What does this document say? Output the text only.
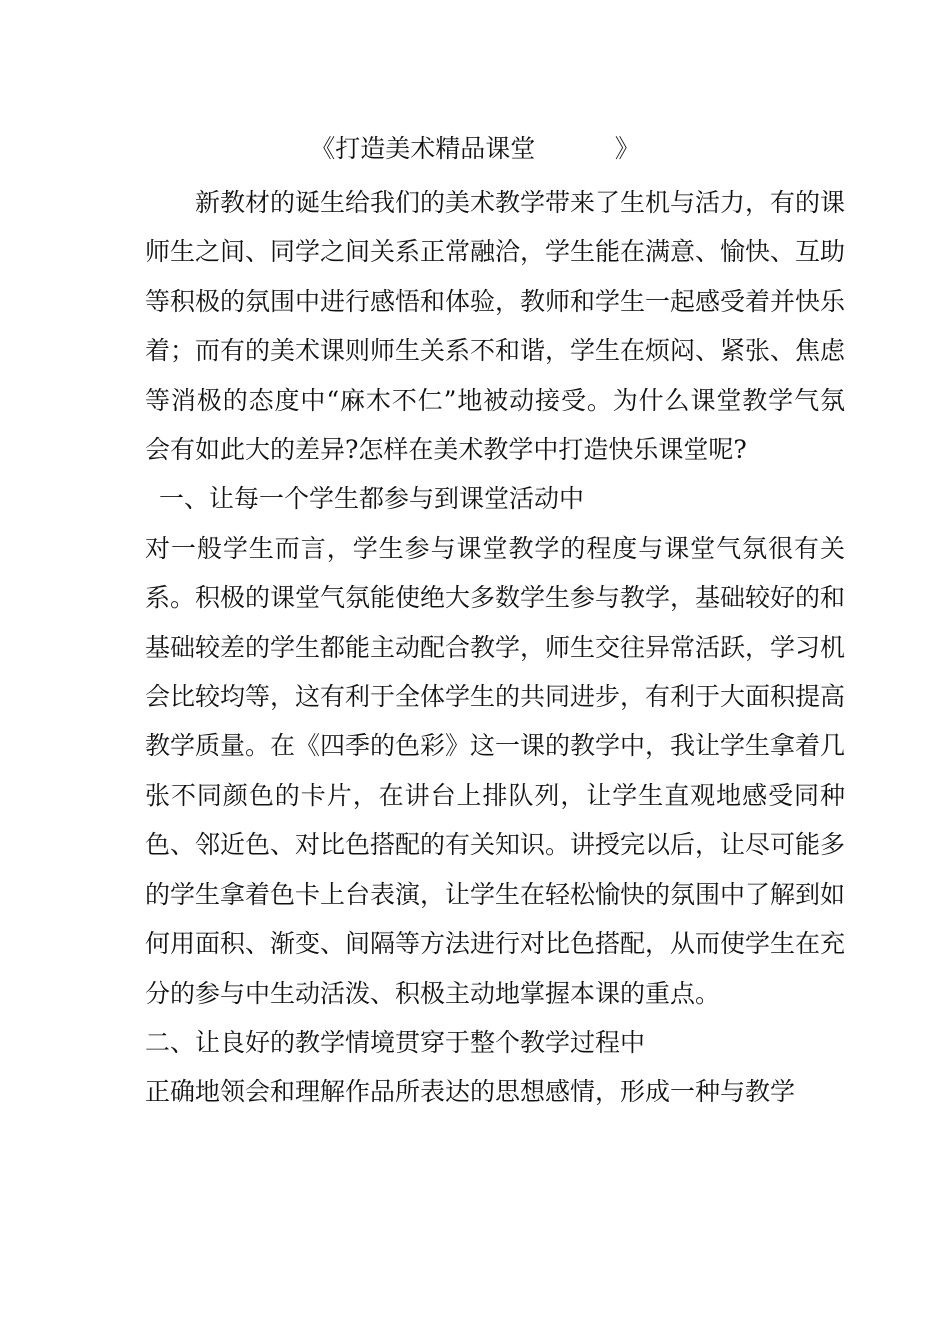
《打造美术精品课堂          》

新教材的诞生给我们的美术教学带来了生机与活力，有的课师生之间、同学之间关系正常融洽，学生能在满意、愉快、互助等积极的氛围中进行感悟和体验，教师和学生一起感受着并快乐着；而有的美术课则师生关系不和谐，学生在烦闷、紧张、焦虑等消极的态度中“麻木不仁”地被动接受。为什么课堂教学气氛会有如此大的差异?怎样在美术教学中打造快乐课堂呢?

一、让每一个学生都参与到课堂活动中

对一般学生而言，学生参与课堂教学的程度与课堂气氛很有关系。积极的课堂气氛能使绝大多数学生参与教学，基础较好的和基础较差的学生都能主动配合教学，师生交往异常活跃，学习机会比较均等，这有利于全体学生的共同进步，有利于大面积提高教学质量。在《四季的色彩》这一课的教学中，我让学生拿着几张不同颜色的卡片，在讲台上排队列，让学生直观地感受同种色、邻近色、对比色搭配的有关知识。讲授完以后，让尽可能多的学生拿着色卡上台表演，让学生在轻松愉快的氛围中了解到如何用面积、渐变、间隔等方法进行对比色搭配，从而使学生在充分的参与中生动活泼、积极主动地掌握本课的重点。

二、让良好的教学情境贯穿于整个教学过程中

正确地领会和理解作品所表达的思想感情，形成一种与教学
